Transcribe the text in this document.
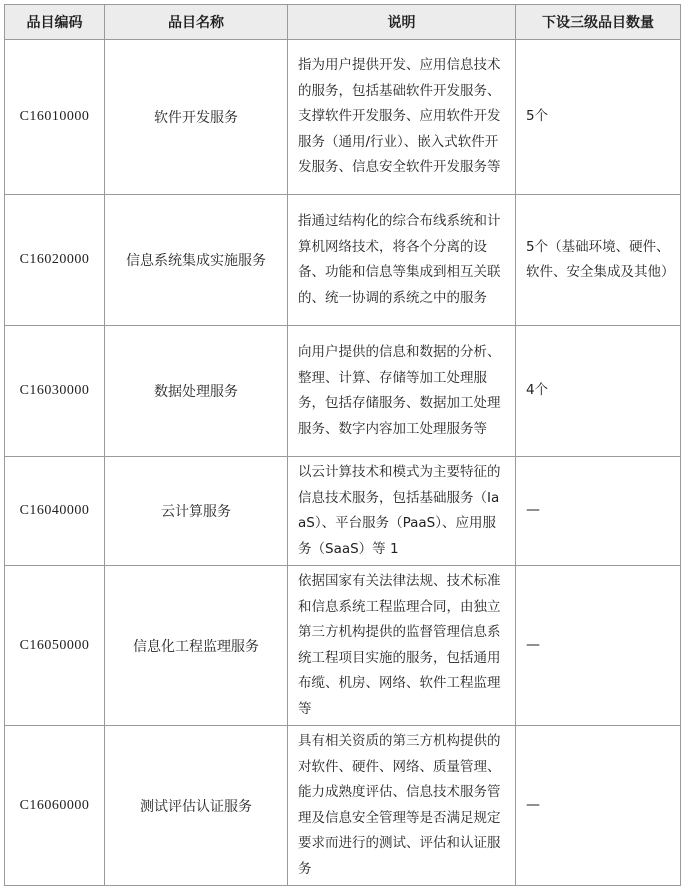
品目编码	品目名称	说明	下设三级品目数量
C16010000	软件开发服务	指为用户提供开发、应用信息技术的服务，包括基础软件开发服务、支撑软件开发服务、应用软件开发服务（通用/行业）、嵌入式软件开发服务、信息安全软件开发服务等	5个
C16020000	信息系统集成实施服务	指通过结构化的综合布线系统和计算机网络技术，将各个分离的设备、功能和信息等集成到相互关联的、统一协调的系统之中的服务	5个（基础环境、硬件、软件、安全集成及其他）
C16030000	数据处理服务	向用户提供的信息和数据的分析、整理、计算、存储等加工处理服务，包括存储服务、数据加工处理服务、数字内容加工处理服务等	4个
C16040000	云计算服务	以云计算技术和模式为主要特征的信息技术服务，包括基础服务（IaaS）、平台服务（PaaS）、应用服务（SaaS）等 1	—
C16050000	信息化工程监理服务	依据国家有关法律法规、技术标准和信息系统工程监理合同，由独立第三方机构提供的监督管理信息系统工程项目实施的服务，包括通用布缆、机房、网络、软件工程监理等	—
C16060000	测试评估认证服务	具有相关资质的第三方机构提供的对软件、硬件、网络、质量管理、能力成熟度评估、信息技术服务管理及信息安全管理等是否满足规定要求而进行的测试、评估和认证服务	—
